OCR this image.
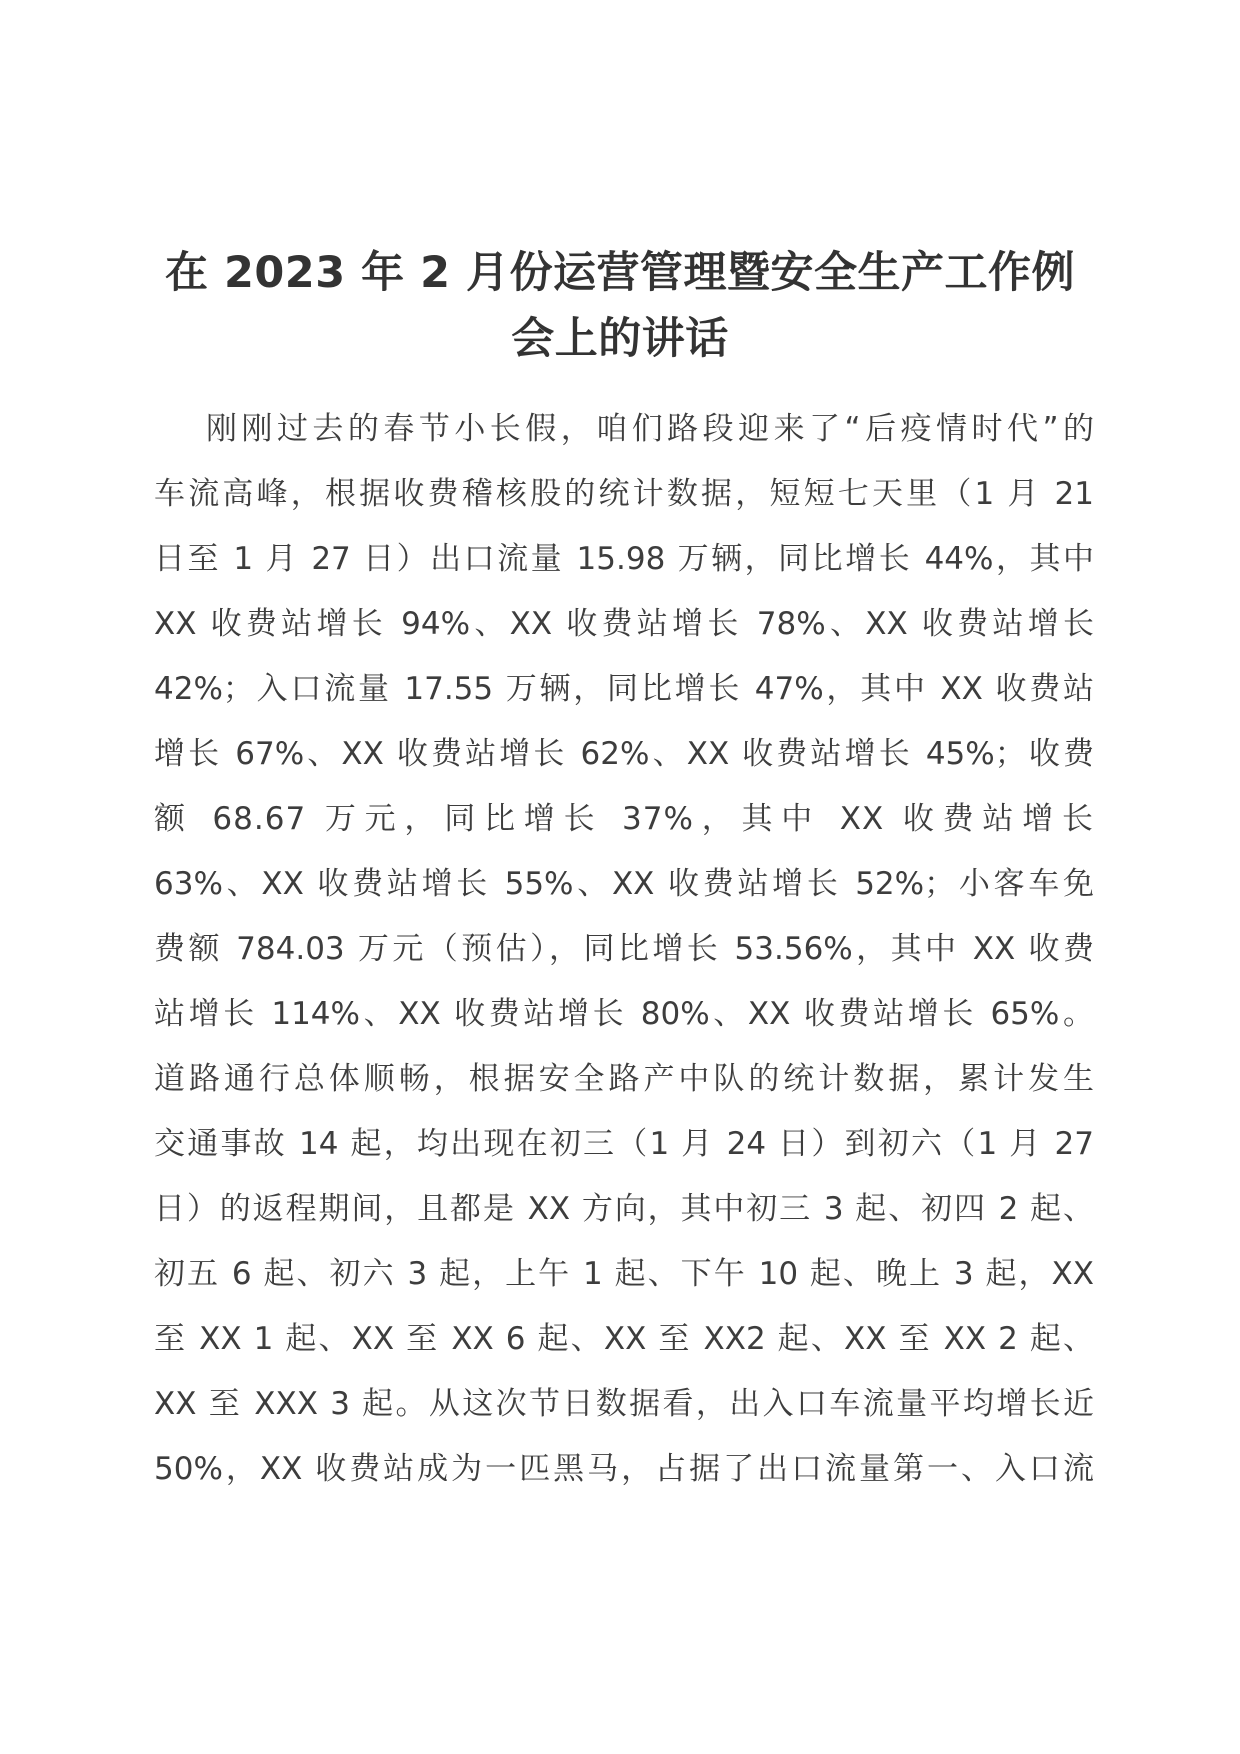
在 2023 年 2 月份运营管理暨安全生产工作例
会上的讲话
刚刚过去的春节小长假，咱们路段迎来了“后疫情时代”的
车流高峰，根据收费稽核股的统计数据，短短七天里（1 月 21
日至 1 月 27 日）出口流量 15.98 万辆，同比增长 44%，其中
XX 收费站增长 94%、XX 收费站增长 78%、XX 收费站增长
42%；入口流量 17.55 万辆，同比增长 47%，其中 XX 收费站
增长 67%、XX 收费站增长 62%、XX 收费站增长 45%；收费
额 68.67 万元，同比增长 37%，其中 XX 收费站增长
63%、XX 收费站增长 55%、XX 收费站增长 52%；小客车免
费额 784.03 万元（预估），同比增长 53.56%，其中 XX 收费
站增长 114%、XX 收费站增长 80%、XX 收费站增长 65%。
道路通行总体顺畅，根据安全路产中队的统计数据，累计发生
交通事故 14 起，均出现在初三（1 月 24 日）到初六（1 月 27
日）的返程期间，且都是 XX 方向，其中初三 3 起、初四 2 起、
初五 6 起、初六 3 起，上午 1 起、下午 10 起、晚上 3 起，XX
至 XX 1 起、XX 至 XX 6 起、XX 至 XX2 起、XX 至 XX 2 起、
XX 至 XXX 3 起。从这次节日数据看，出入口车流量平均增长近
50%，XX 收费站成为一匹黑马，占据了出口流量第一、入口流
